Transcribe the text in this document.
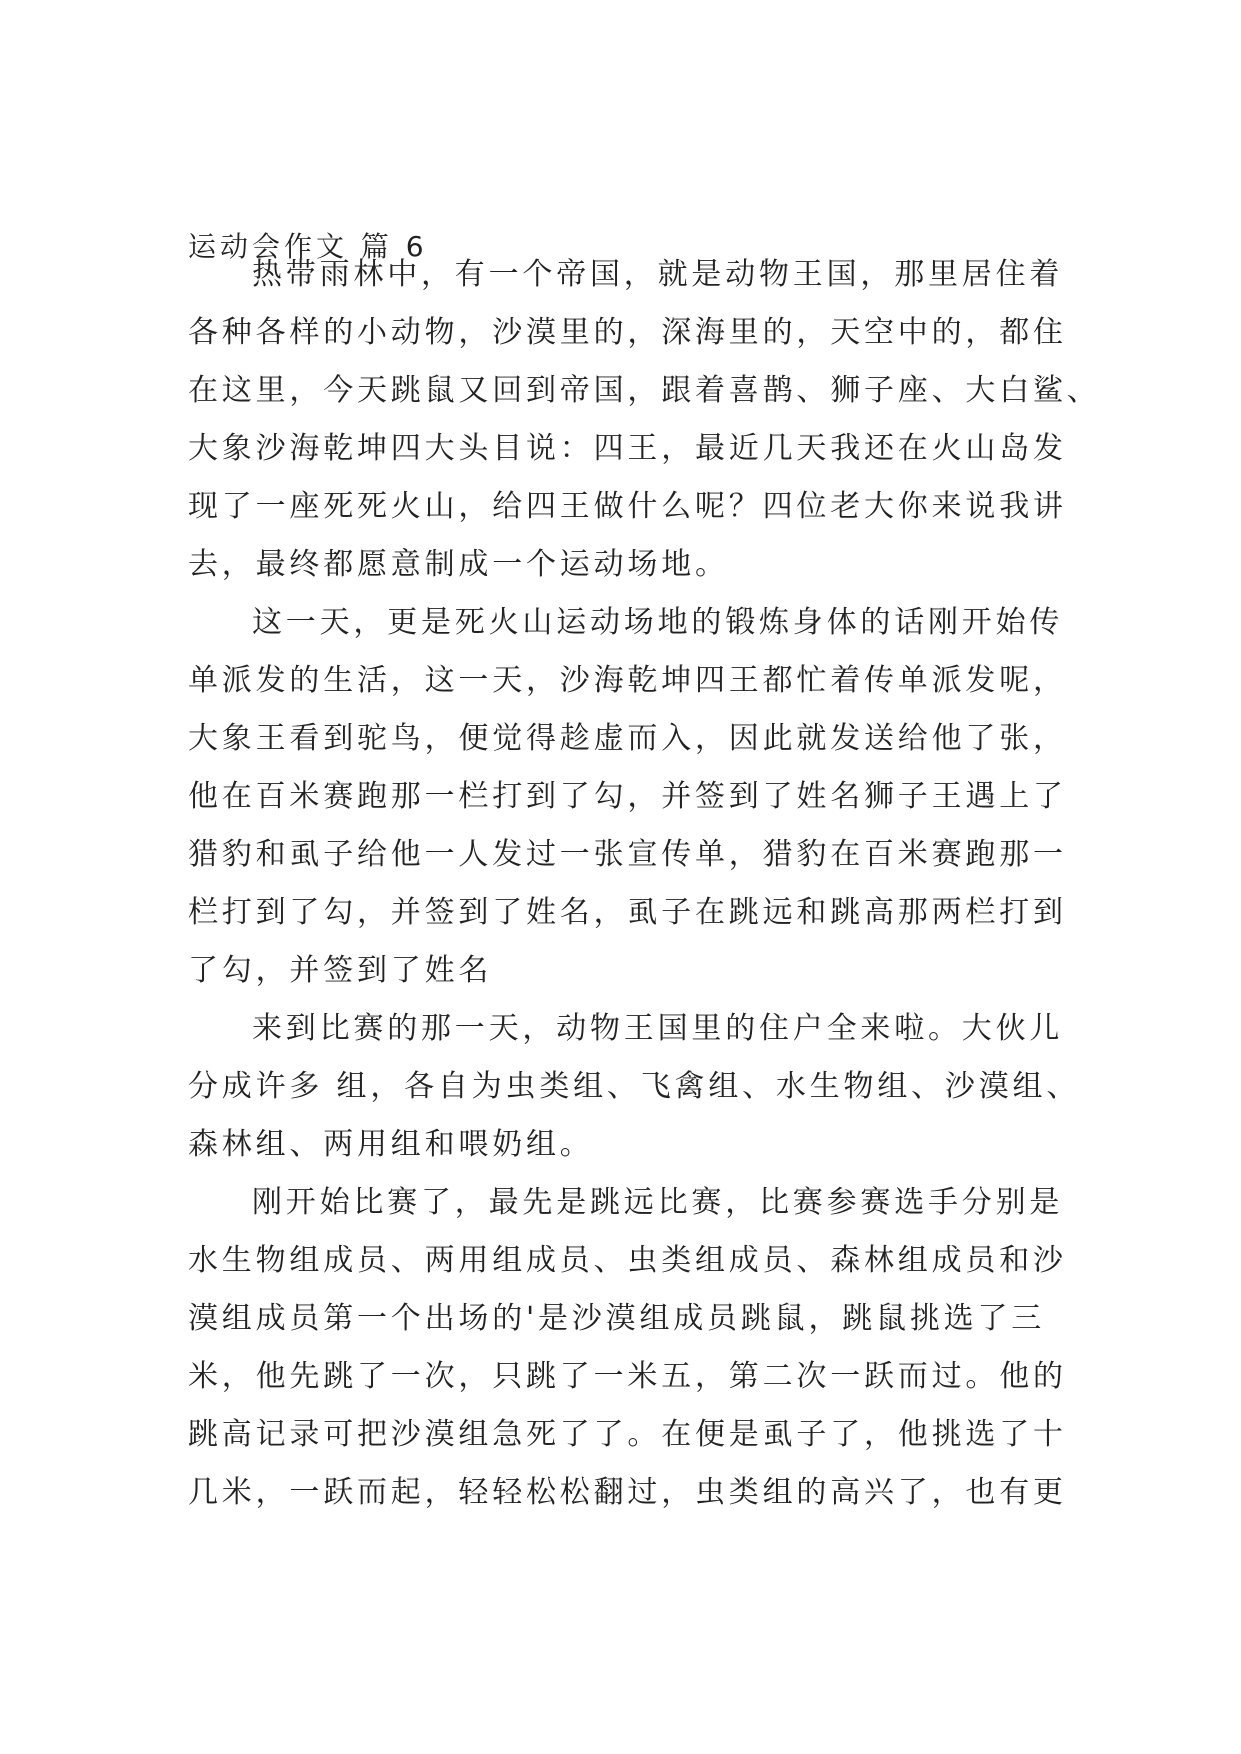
运动会作文 篇 6
热带雨林中，有一个帝国，就是动物王国，那里居住着
各种各样的小动物，沙漠里的，深海里的，天空中的，都住
在这里，今天跳鼠又回到帝国，跟着喜鹊、狮子座、大白鲨、
大象沙海乾坤四大头目说：四王，最近几天我还在火山岛发
现了一座死死火山，给四王做什么呢？四位老大你来说我讲
去，最终都愿意制成一个运动场地。
这一天，更是死火山运动场地的锻炼身体的话刚开始传
单派发的生活，这一天，沙海乾坤四王都忙着传单派发呢，
大象王看到驼鸟，便觉得趁虚而入，因此就发送给他了张，
他在百米赛跑那一栏打到了勾，并签到了姓名狮子王遇上了
猎豹和虱子给他一人发过一张宣传单，猎豹在百米赛跑那一
栏打到了勾，并签到了姓名，虱子在跳远和跳高那两栏打到
了勾，并签到了姓名
来到比赛的那一天，动物王国里的住户全来啦。大伙儿
分成许多 组，各自为虫类组、飞禽组、水生物组、沙漠组、
森林组、两用组和喂奶组。
刚开始比赛了，最先是跳远比赛，比赛参赛选手分别是
水生物组成员、两用组成员、虫类组成员、森林组成员和沙
漠组成员第一个出场的'是沙漠组成员跳鼠，跳鼠挑选了三
米，他先跳了一次，只跳了一米五，第二次一跃而过。他的
跳高记录可把沙漠组急死了了。在便是虱子了，他挑选了十
几米，一跃而起，轻轻松松翻过，虫类组的高兴了，也有更
